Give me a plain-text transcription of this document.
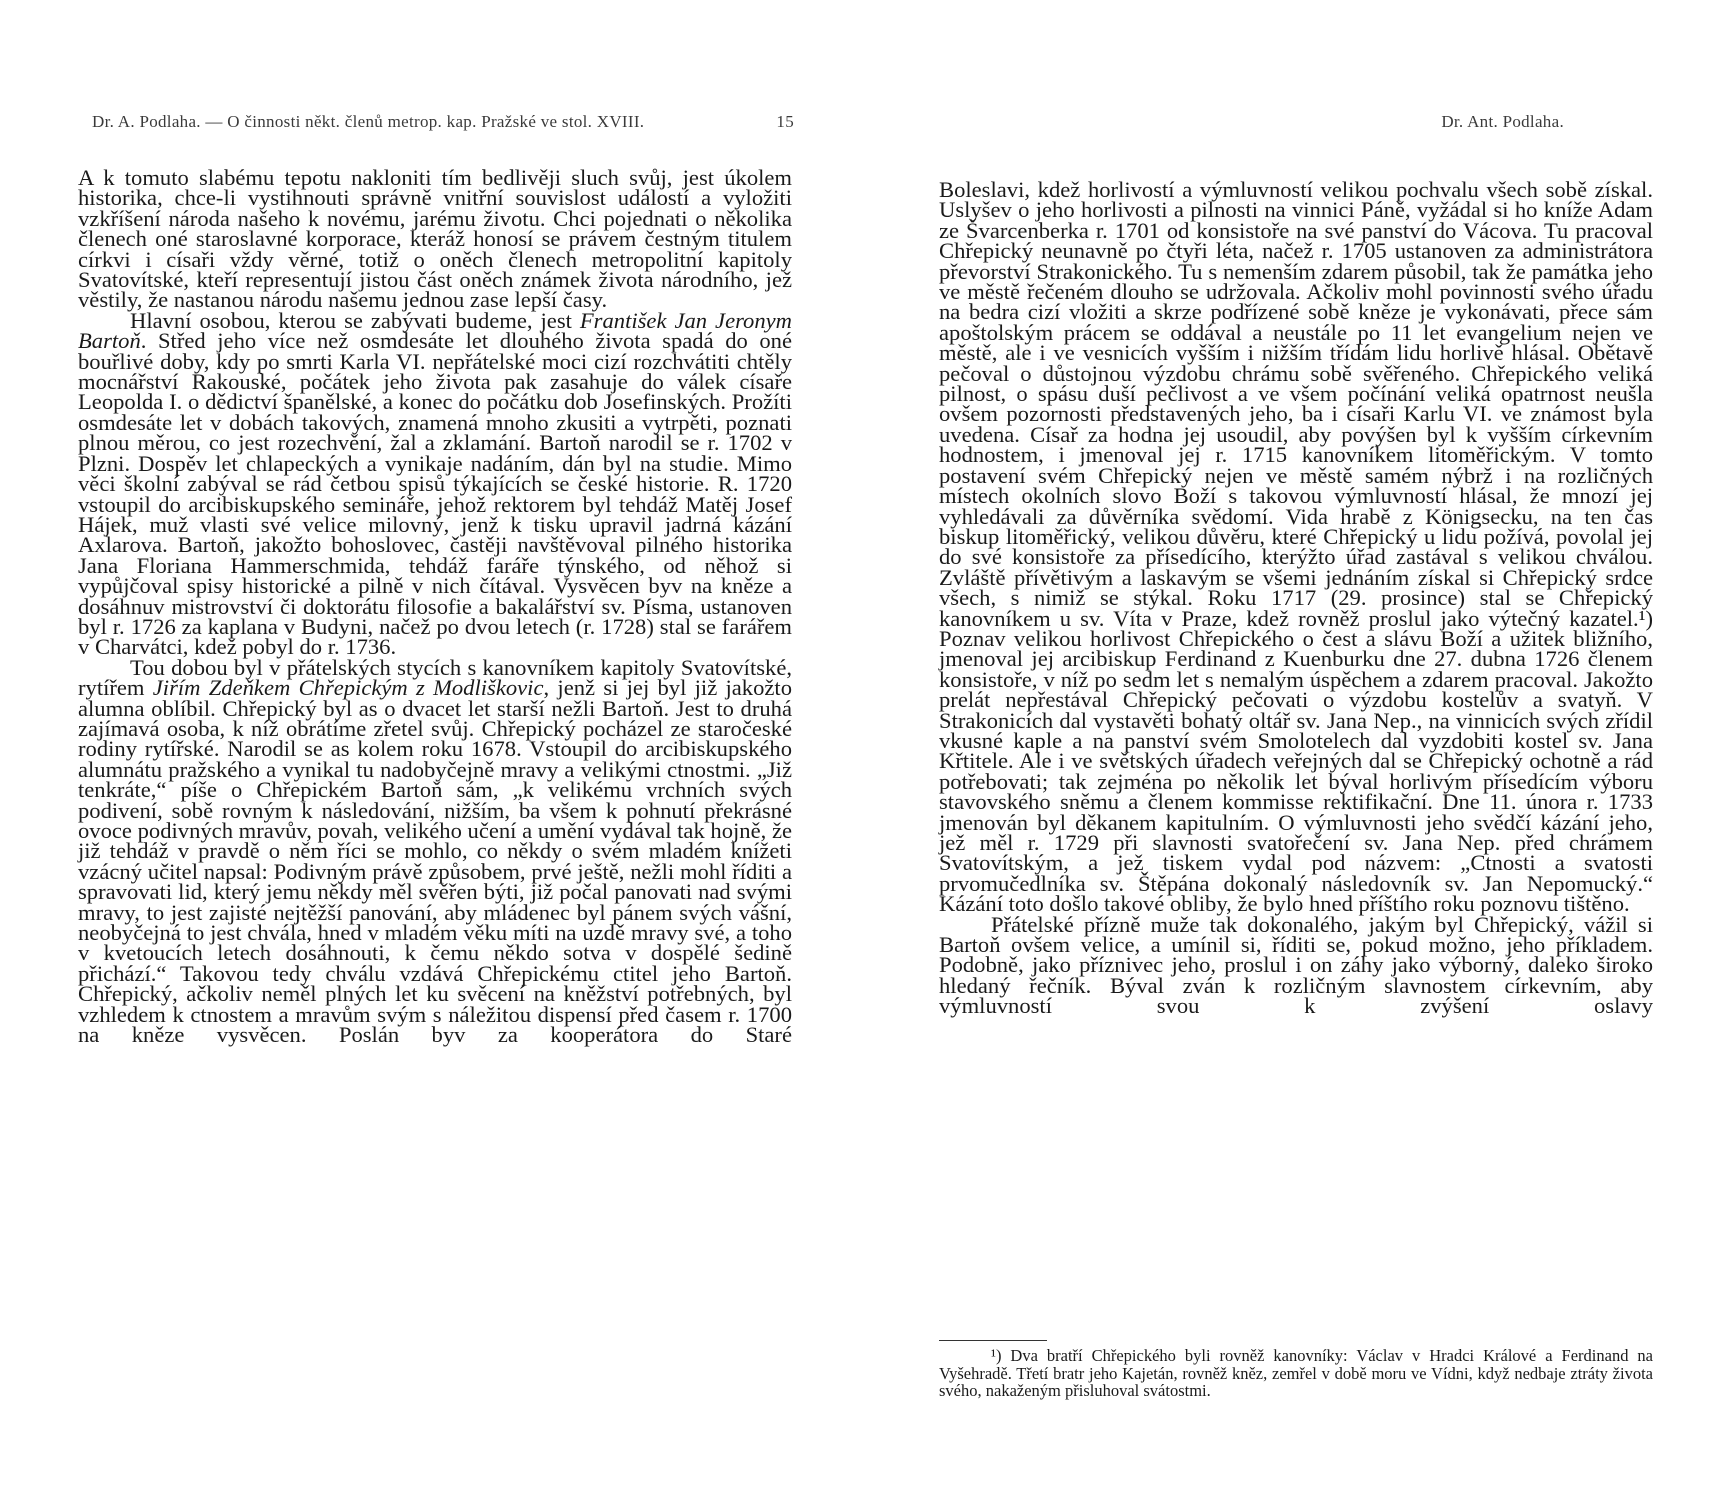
Dr. A. Podlaha. — O činnosti někt. členů metrop. kap. Pražské ve stol. XVIII.	15

A k tomuto slabému tepotu nakloniti tím bedlivěji sluch svůj, jest úkolem historika, chce-li vystihnouti správně vnitřní souvislost událostí a vyložiti vzkříšení národa našeho k novému, jarému životu. Chci pojednati o několika členech oné staroslavné korporace, kteráž honosí se právem čestným titulem církvi i císaři vždy věrné, totiž o oněch členech metropolitní kapitoly Svatovítské, kteří representují jistou část oněch známek života národního, jež věstily, že nastanou národu našemu jednou zase lepší časy.

Hlavní osobou, kterou se zabývati budeme, jest František Jan Jeronym Bartoň. Střed jeho více než osmdesáte let dlouhého života spadá do oné bouřlivé doby, kdy po smrti Karla VI. nepřátelské moci cizí rozchvátiti chtěly mocnářství Rakouské, počátek jeho života pak zasahuje do válek císaře Leopolda I. o dědictví španělské, a konec do počátku dob Josefinských. Prožíti osmdesáte let v dobách takových, znamená mnoho zkusiti a vytrpěti, poznati plnou měrou, co jest rozechvění, žal a zklamání. Bartoň narodil se r. 1702 v Plzni. Dospěv let chlapeckých a vynikaje nadáním, dán byl na studie. Mimo věci školní zabýval se rád četbou spisů týkajících se české historie. R. 1720 vstoupil do arcibiskupského semináře, jehož rektorem byl tehdáž Matěj Josef Hájek, muž vlasti své velice milovný, jenž k tisku upravil jadrná kázání Axlarova. Bartoň, jakožto bohoslovec, častěji navštěvoval pilného historika Jana Floriana Hammerschmida, tehdáž faráře týnského, od něhož si vypůjčoval spisy historické a pilně v nich čítával. Vysvěcen byv na kněze a dosáhnuv mistrovství či doktorátu filosofie a bakalářství sv. Písma, ustanoven byl r. 1726 za kaplana v Budyni, načež po dvou letech (r. 1728) stal se farářem v Charvátci, kdež pobyl do r. 1736.

Tou dobou byl v přátelských stycích s kanovníkem kapitoly Svatovítské, rytířem Jiřím Zdeňkem Chřepickým z Modliškovic, jenž si jej byl již jakožto alumna oblíbil. Chřepický byl as o dvacet let starší nežli Bartoň. Jest to druhá zajímavá osoba, k níž obrátíme zřetel svůj. Chřepický pocházel ze staročeské rodiny rytířské. Narodil se as kolem roku 1678. Vstoupil do arcibiskupského alumnátu pražského a vynikal tu nadobyčejně mravy a velikými ctnostmi. „Již tenkráte,“ píše o Chřepickém Bartoň sám, „k velikému vrchních svých podivení, sobě rovným k následování, nižším, ba všem k pohnutí překrásné ovoce podivných mravův, povah, velikého učení a umění vydával tak hojně, že již tehdáž v pravdě o něm říci se mohlo, co někdy o svém mladém knížeti vzácný učitel napsal: Podivným právě způsobem, prvé ještě, nežli mohl říditi a spravovati lid, který jemu někdy měl svěřen býti, již počal panovati nad svými mravy, to jest zajisté nejtěžší panování, aby mládenec byl pánem svých vášní, neobyčejná to jest chvála, hned v mladém věku míti na uzdě mravy své, a toho v kvetoucích letech dosáhnouti, k čemu někdo sotva v dospělé šedině přichází.“ Takovou tedy chválu vzdává Chřepickému ctitel jeho Bartoň. Chřepický, ačkoliv neměl plných let ku svěcení na kněžství potřebných, byl vzhledem k ctnostem a mravům svým s náležitou dispensí před časem r. 1700 na kněze vysvěcen. Poslán byv za kooperátora do Staré

Dr. Ant. Podlaha.

Boleslavi, kdež horlivostí a výmluvností velikou pochvalu všech sobě získal. Uslyšev o jeho horlivosti a pilnosti na vinnici Páně, vyžádal si ho kníže Adam ze Švarcenberka r. 1701 od konsistoře na své panství do Vácova. Tu pracoval Chřepický neunavně po čtyři léta, načež r. 1705 ustanoven za administrátora převorství Strakonického. Tu s nemenším zdarem působil, tak že památka jeho ve městě řečeném dlouho se udržovala. Ačkoliv mohl povinnosti svého úřadu na bedra cizí vložiti a skrze podřízené sobě kněze je vykonávati, přece sám apoštolským prácem se oddával a neustále po 11 let evangelium nejen ve městě, ale i ve vesnicích vyšším i nižším třídám lidu horlivě hlásal. Obětavě pečoval o důstojnou výzdobu chrámu sobě svěřeného. Chřepického veliká pilnost, o spásu duší pečlivost a ve všem počínání veliká opatrnost neušla ovšem pozornosti představených jeho, ba i císaři Karlu VI. ve známost byla uvedena. Císař za hodna jej usoudil, aby povýšen byl k vyšším církevním hodnostem, i jmenoval jej r. 1715 kanovníkem litoměřickým. V tomto postavení svém Chřepický nejen ve městě samém nýbrž i na rozličných místech okolních slovo Boží s takovou výmluvností hlásal, že mnozí jej vyhledávali za důvěrníka svědomí. Vida hrabě z Königsecku, na ten čas biskup litoměřický, velikou důvěru, které Chřepický u lidu požívá, povolal jej do své konsistoře za přísedícího, kterýžto úřad zastával s velikou chválou. Zvláště přívětivým a laskavým se všemi jednáním získal si Chřepický srdce všech, s nimiž se stýkal. Roku 1717 (29. prosince) stal se Chřepický kanovníkem u sv. Víta v Praze, kdež rovněž proslul jako výtečný kazatel.¹) Poznav velikou horlivost Chřepického o čest a slávu Boží a užitek bližního, jmenoval jej arcibiskup Ferdinand z Kuenburku dne 27. dubna 1726 členem konsistoře, v níž po sedm let s nemalým úspěchem a zdarem pracoval. Jakožto prelát nepřestával Chřepický pečovati o výzdobu kostelův a svatyň. V Strakonicích dal vystavěti bohatý oltář sv. Jana Nep., na vinnicích svých zřídil vkusné kaple a na panství svém Smolotelech dal vyzdobiti kostel sv. Jana Křtitele. Ale i ve světských úřadech veřejných dal se Chřepický ochotně a rád potřebovati; tak zejména po několik let býval horlivým přísedícím výboru stavovského sněmu a členem kommisse rektifikační. Dne 11. února r. 1733 jmenován byl děkanem kapitulním. O výmluvnosti jeho svědčí kázání jeho, jež měl r. 1729 při slavnosti svatořečení sv. Jana Nep. před chrámem Svatovítským, a jež tiskem vydal pod názvem: „Ctnosti a svatosti prvomučedlníka sv. Štěpána dokonalý následovník sv. Jan Nepomucký.“ Kázání toto došlo takové obliby, že bylo hned příštího roku poznovu tištěno.

Přátelské přízně muže tak dokonalého, jakým byl Chřepický, vážil si Bartoň ovšem velice, a umínil si, říditi se, pokud možno, jeho příkladem. Podobně, jako příznivec jeho, proslul i on záhy jako výborný, daleko široko hledaný řečník. Býval zván k rozličným slavnostem církevním, aby výmluvností svou k zvýšení oslavy

¹) Dva bratří Chřepického byli rovněž kanovníky: Václav v Hradci Králové a Ferdinand na Vyšehradě. Třetí bratr jeho Kajetán, rovněž kněz, zemřel v době moru ve Vídni, když nedbaje ztráty života svého, nakaženým přisluhoval svátostmi.
